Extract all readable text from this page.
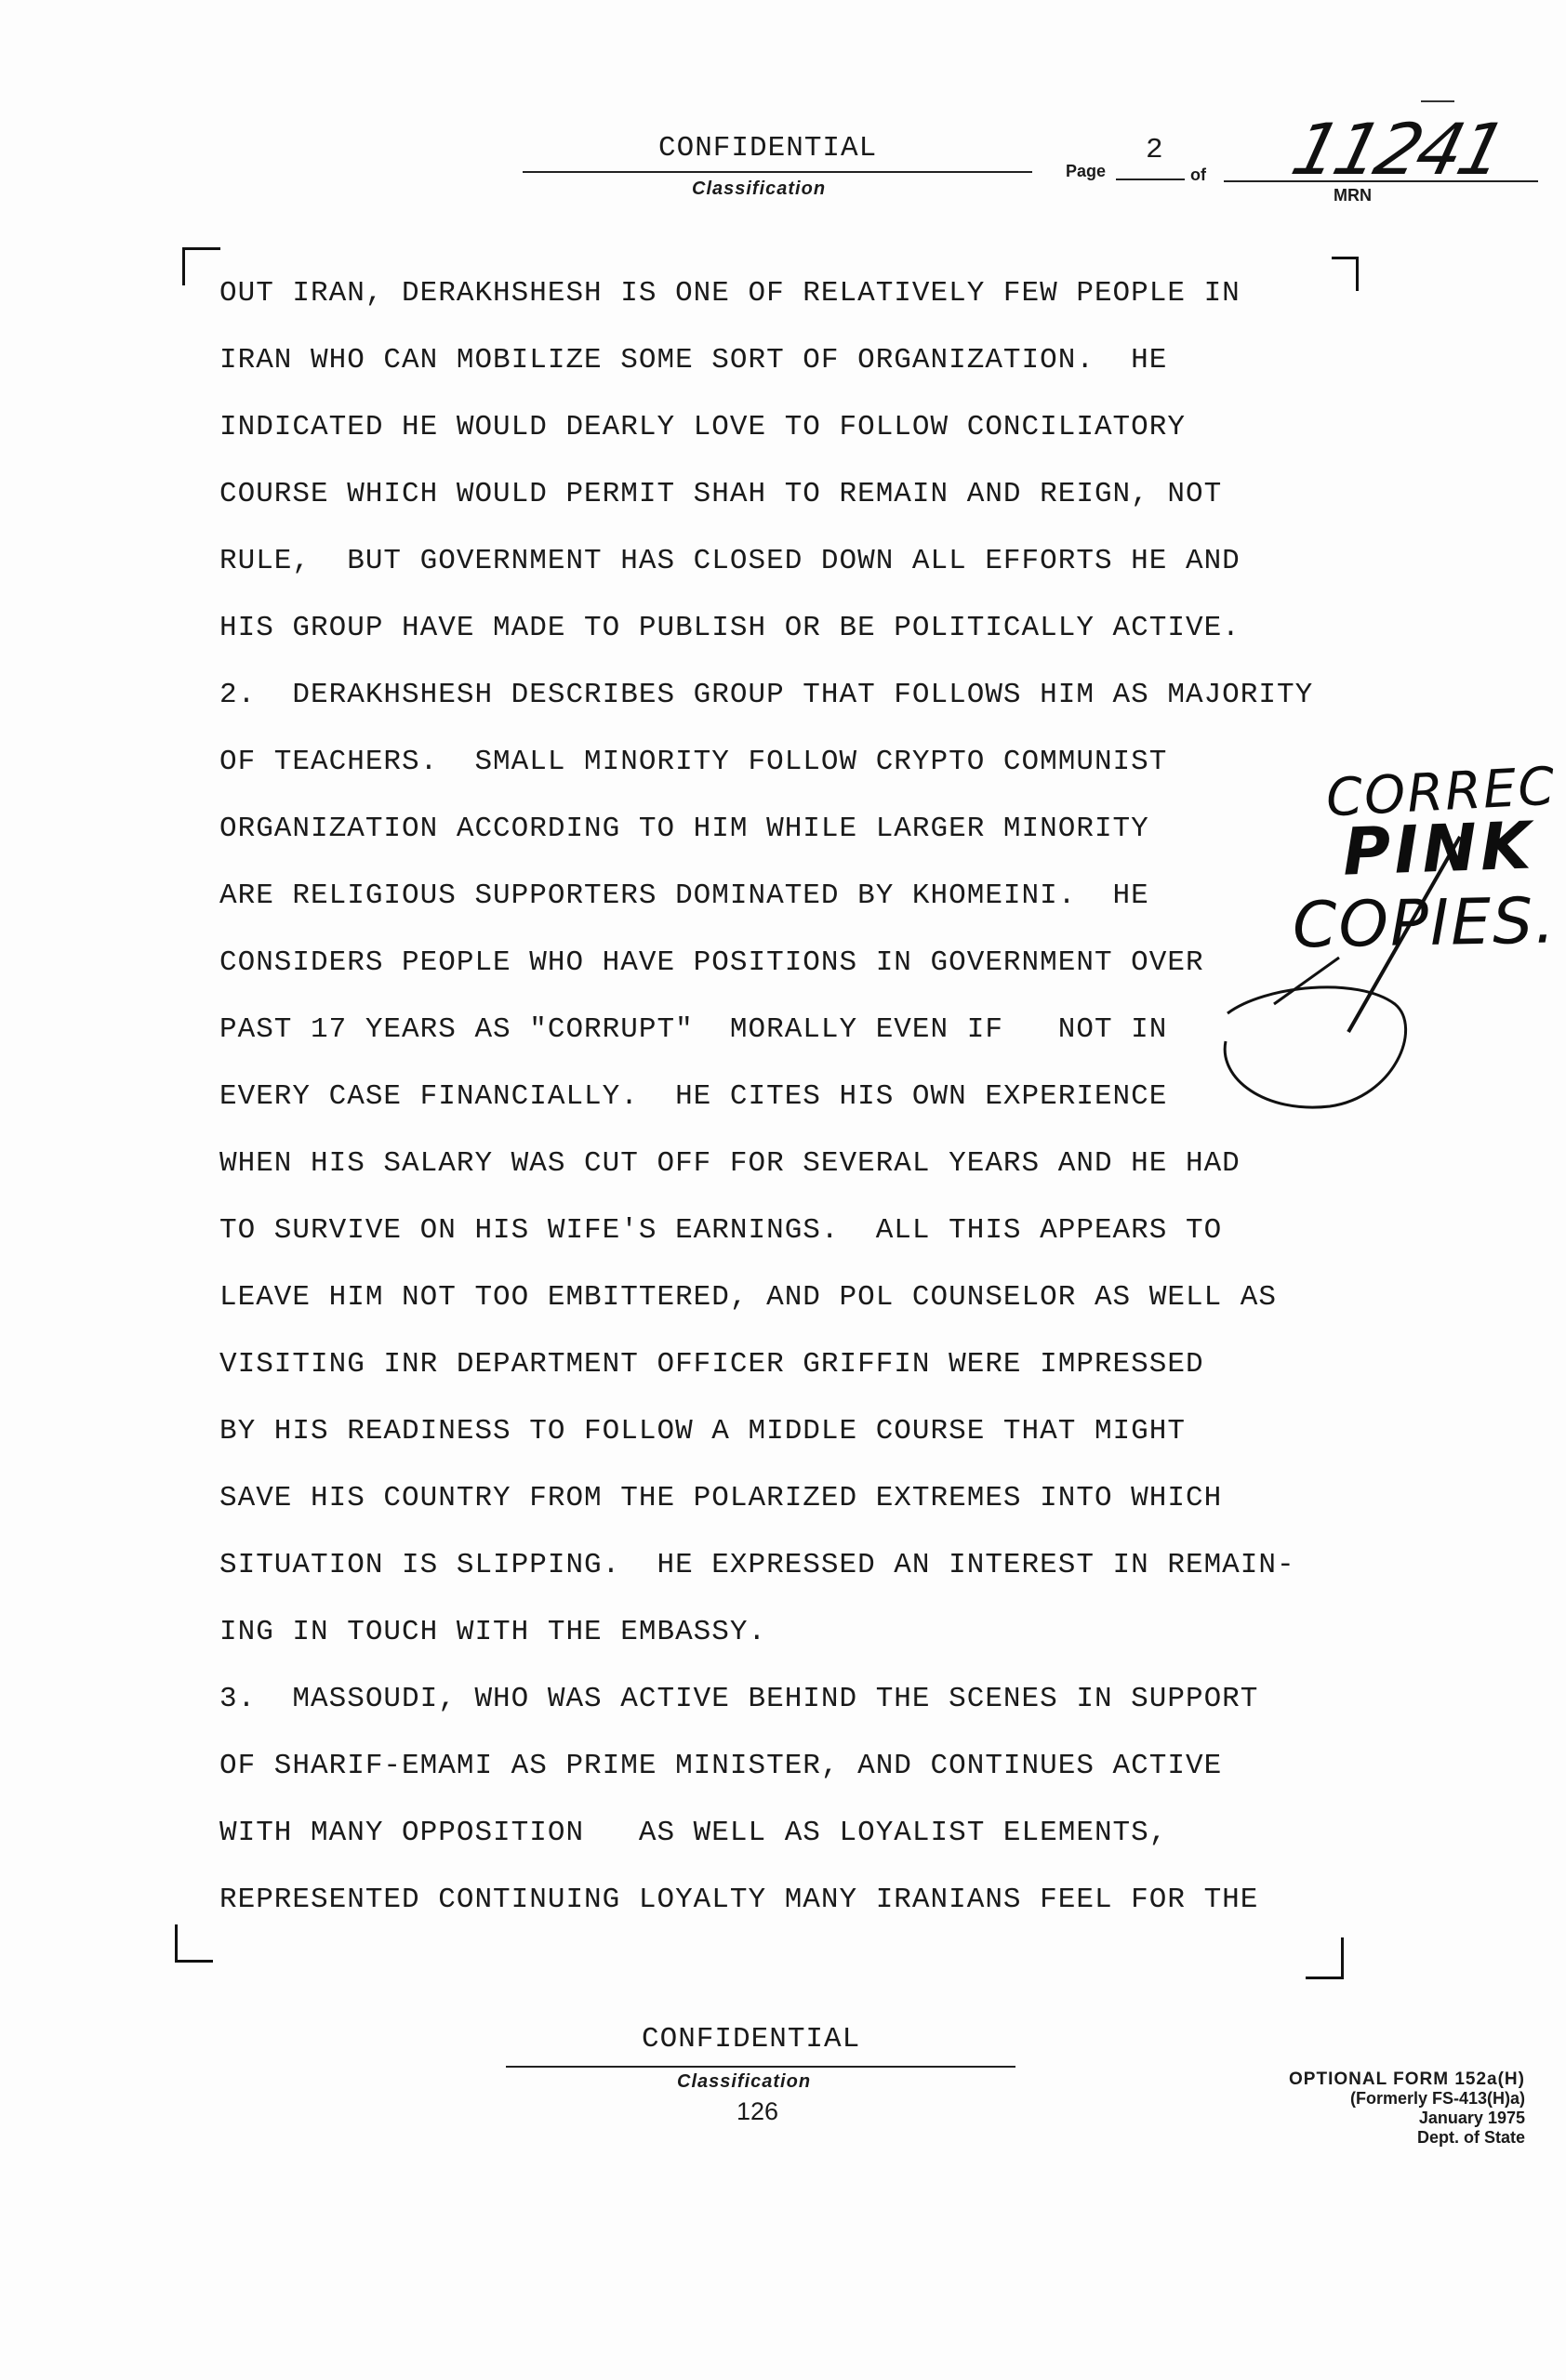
CONFIDENTIAL
Classification
Page
2
of 11241
MRN
OUT IRAN, DERAKHSHESH IS ONE OF RELATIVELY FEW PEOPLE IN
IRAN WHO CAN MOBILIZE SOME SORT OF ORGANIZATION.  HE
INDICATED HE WOULD DEARLY LOVE TO FOLLOW CONCILIATORY
COURSE WHICH WOULD PERMIT SHAH TO REMAIN AND REIGN, NOT
RULE,  BUT GOVERNMENT HAS CLOSED DOWN ALL EFFORTS HE AND
HIS GROUP HAVE MADE TO PUBLISH OR BE POLITICALLY ACTIVE.
2.  DERAKHSHESH DESCRIBES GROUP THAT FOLLOWS HIM AS MAJORITY
OF TEACHERS.  SMALL MINORITY FOLLOW CRYPTO COMMUNIST
ORGANIZATION ACCORDING TO HIM WHILE LARGER MINORITY
ARE RELIGIOUS SUPPORTERS DOMINATED BY KHOMEINI.  HE
CONSIDERS PEOPLE WHO HAVE POSITIONS IN GOVERNMENT OVER
PAST 17 YEARS AS "CORRUPT"  MORALLY EVEN IF   NOT IN
EVERY CASE FINANCIALLY.  HE CITES HIS OWN EXPERIENCE
WHEN HIS SALARY WAS CUT OFF FOR SEVERAL YEARS AND HE HAD
TO SURVIVE ON HIS WIFE'S EARNINGS.  ALL THIS APPEARS TO
LEAVE HIM NOT TOO EMBITTERED, AND POL COUNSELOR AS WELL AS
VISITING INR DEPARTMENT OFFICER GRIFFIN WERE IMPRESSED
BY HIS READINESS TO FOLLOW A MIDDLE COURSE THAT MIGHT
SAVE HIS COUNTRY FROM THE POLARIZED EXTREMES INTO WHICH
SITUATION IS SLIPPING.  HE EXPRESSED AN INTEREST IN REMAIN-
ING IN TOUCH WITH THE EMBASSY.
3.  MASSOUDI, WHO WAS ACTIVE BEHIND THE SCENES IN SUPPORT
OF SHARIF-EMAMI AS PRIME MINISTER, AND CONTINUES ACTIVE
WITH MANY OPPOSITION   AS WELL AS LOYALIST ELEMENTS,
REPRESENTED CONTINUING LOYALTY MANY IRANIANS FEEL FOR THE
CORREC
PINK
COPIES.
CONFIDENTIAL
Classification
126
OPTIONAL FORM 152a(H)
(Formerly FS-413(H)a)
January 1975
Dept. of State
